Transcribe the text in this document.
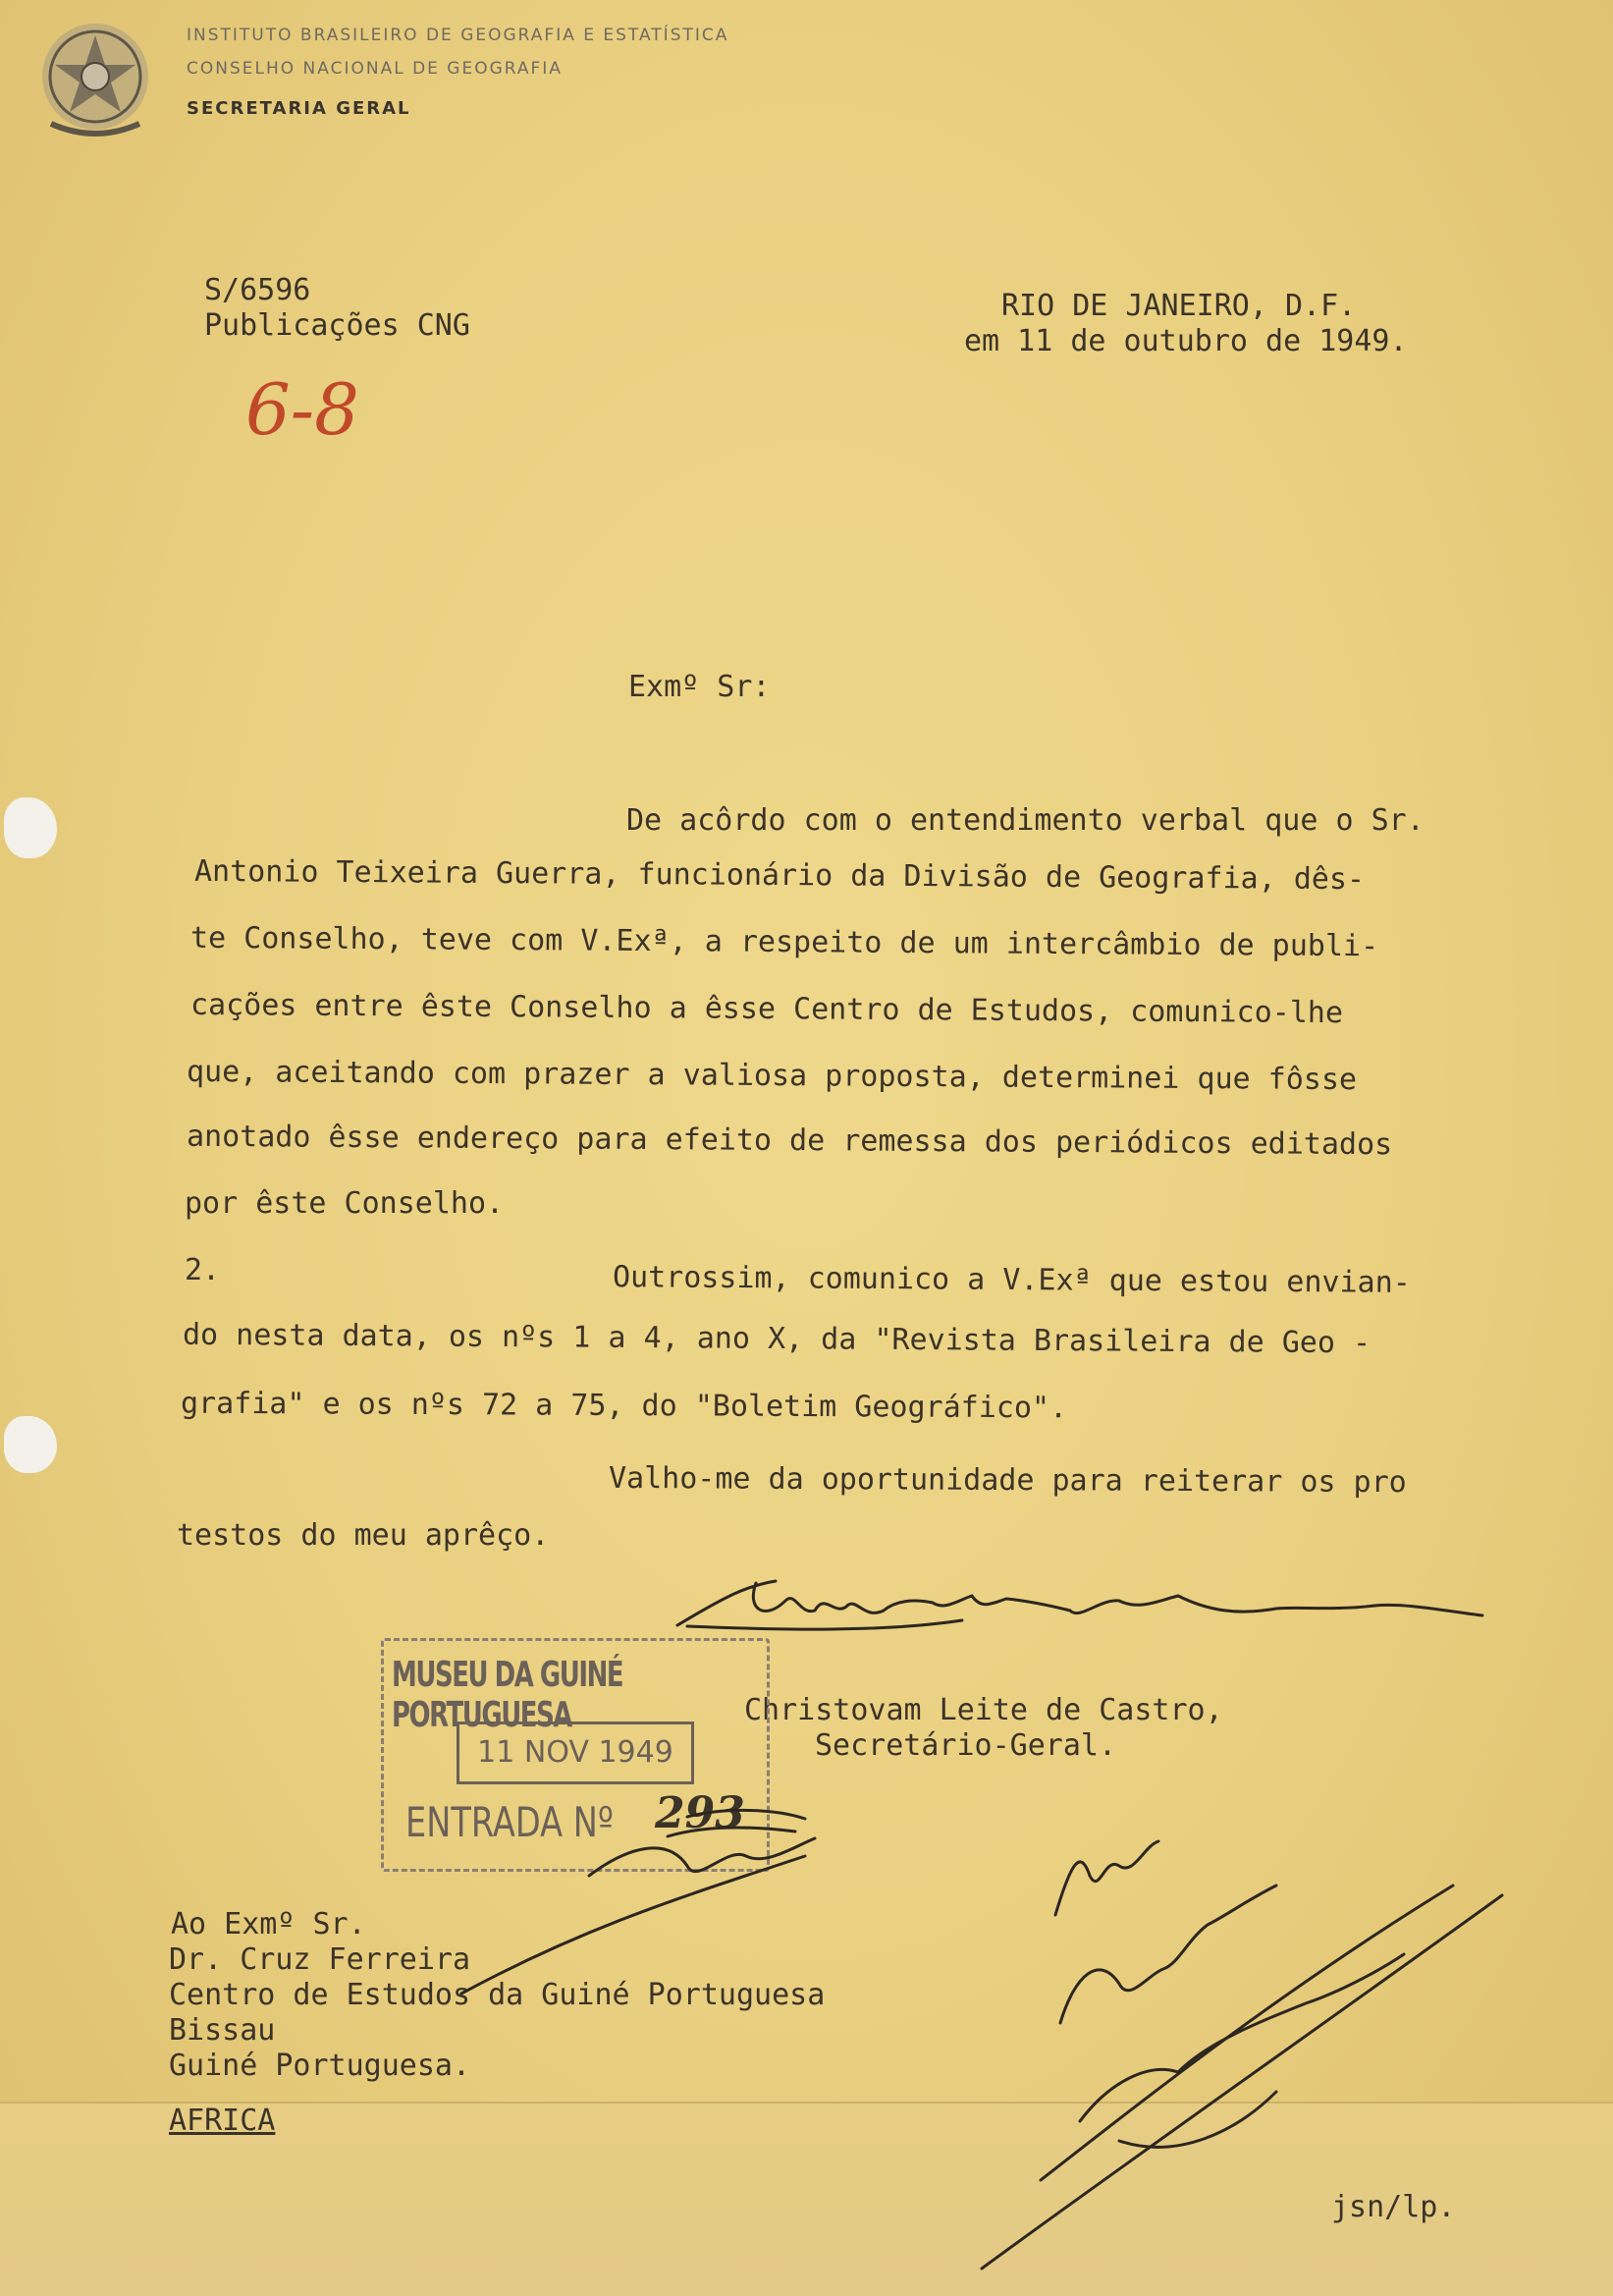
INSTITUTO BRASILEIRO DE GEOGRAFIA E ESTATÍSTICA
CONSELHO NACIONAL DE GEOGRAFIA
SECRETARIA GERAL
S/6596
Publicações CNG
RIO DE JANEIRO, D.F.
em 11 de outubro de 1949.
6-8
Exmº Sr:
De acôrdo com o entendimento verbal que o Sr.
Antonio Teixeira Guerra, funcionário da Divisão de Geografia, dês-
te Conselho, teve com V.Exª, a respeito de um intercâmbio de publi-
cações entre êste Conselho a êsse Centro de Estudos, comunico-lhe
que, aceitando com prazer a valiosa proposta, determinei que fôsse
anotado êsse endereço para efeito de remessa dos periódicos editados
por êste Conselho.
2.	Outrossim, comunico a V.Exª que estou envian-
do nesta data, os nºs 1 a 4, ano X, da "Revista Brasileira de Geo -
grafia" e os nºs 72 a 75, do "Boletim Geográfico".
Valho-me da oportunidade para reiterar os pro
testos do meu aprêço.
Christovam Leite de Castro,
Secretário-Geral.
MUSEU DA GUINÉ PORTUGUESA
11 NOV 1949
ENTRADA Nº 293
Ao Exmº Sr.
Dr. Cruz Ferreira
Centro de Estudos da Guiné Portuguesa
Bissau
Guiné Portuguesa.
AFRICA
jsn/lp.
